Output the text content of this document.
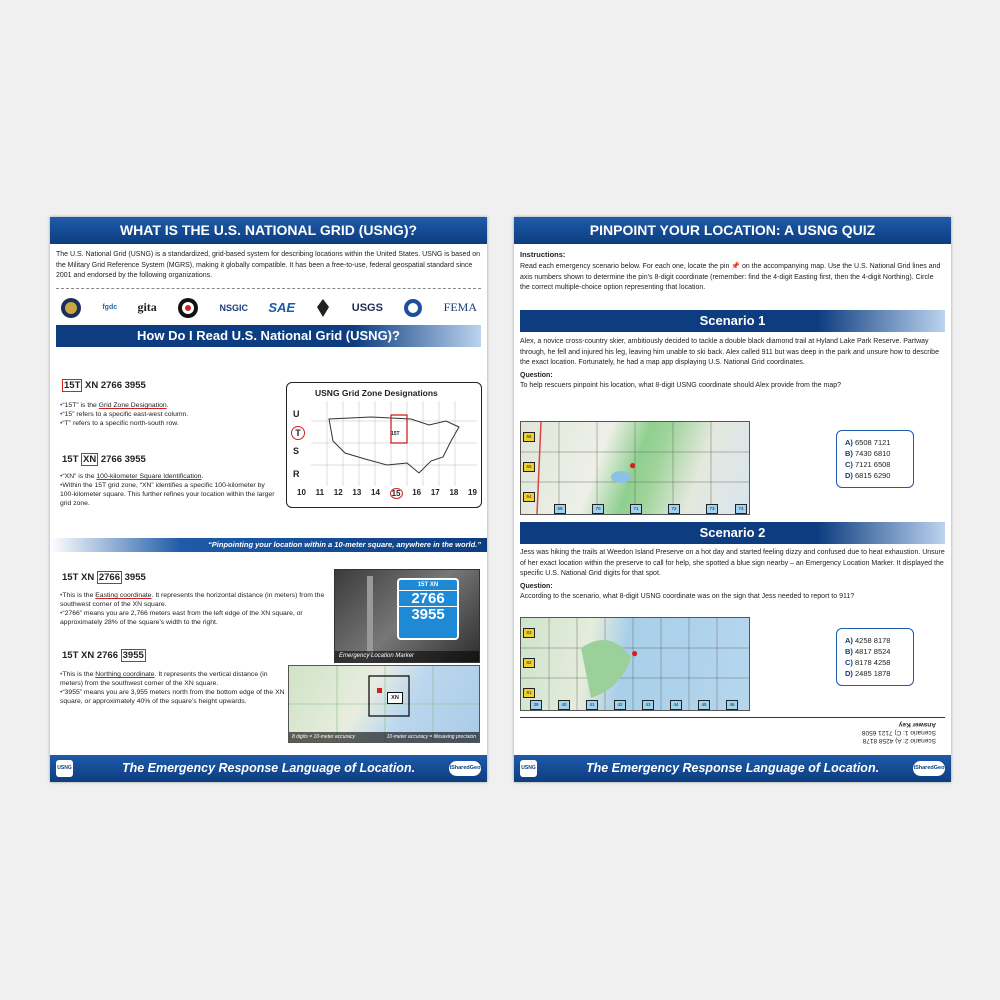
WHAT IS THE U.S. NATIONAL GRID (USNG)?

The U.S. National Grid (USNG) is a standardized, grid-based system for describing locations within the United States. USNG is based on the Military Grid Reference System (MGRS), making it globally compatible. It has been a free-to-use, federal geospatial standard since 2001 and endorsed by the following organizations.

fgdc gita	NSGIC SAE	USGS	FEMA
How Do I Read U.S. National Grid (USNG)?
15T XN 2766 3955
• “15T” is the Grid Zone Designation.
• “15” refers to a specific east-west column.
• “T” refers to a specific north-south row.
USNG Grid Zone Designations
15T
U
T
S
R
10 11 12 13 14 15 16 17 18 19
15T XN 2766 3955
• “XN” is the 100-kilometer Square Identification.
• Within the 15T grid zone, “XN” identifies a specific 100-kilometer by 100-kilometer square. This further refines your location within the larger grid zone.
“Pinpointing your location within a 10-meter square, anywhere in the world.”
15T XN 2766 3955
• This is the Easting coordinate. It represents the horizontal distance (in meters) from the southwest corner of the XN square.
• “2766” means you are 2,766 meters east from the left edge of the XN square, or approximately 28% of the square’s width to the right.
15T XN
2766
3955
Emergency Location Marker
15T XN 2766 3955
• This is the Northing coordinate. It represents the vertical distance (in meters) from the southwest corner of the XN square.
• “3955” means you are 3,955 meters north from the bottom edge of the XN square, or approximately 40% of the square’s height upwards.	XN
8 digits = 10-meter accuracy	10-meter accuracy = lifesaving precision
USNG	The Emergency Response Language of Location.	iSharedGeo
PINPOINT YOUR LOCATION: A USNG QUIZ
Instructions:

Read each emergency scenario below. For each one, locate the pin 📌 on the accompanying map. Use the U.S. National Grid lines and axis numbers shown to determine the pin’s 8-digit coordinate (remember: find the 4-digit Easting first, then the 4-digit Northing). Circle the correct multiple-choice option representing that location.

Scenario 1

Alex, a novice cross-country skier, ambitiously decided to tackle a double black diamond trail at Hyland Lake Park Reserve. Partway through, he fell and injured his leg, leaving him unable to ski back. Alex called 911 but was deep in the park and unsure how to describe the exact location. Fortunately, he had a map app displaying U.S. National Grid coordinates.

Question:

To help rescuers pinpoint his location, what 8-digit USNG coordinate should Alex provide from the map?

●
66
65
64
69	70	71	72	73	74
A) 6508 7121
B) 7430 6810
C) 7121 6508
D) 6815 6290
Scenario 2

Jess was hiking the trails at Weedon Island Preserve on a hot day and started feeling dizzy and confused due to heat exhaustion. Unsure of her exact location within the preserve to call for help, she spotted a blue sign nearby – an Emergency Location Marker. It displayed the specific U.S. National Grid digits for that spot.

Question:

According to the scenario, what 8-digit USNG coordinate was on the sign that Jess needed to report to 911?

●
83
82
81
39	40	41	42	43	44	45	46
A) 4258 8178
B) 4817 8524
C) 8178 4258
D) 2485 1878
Scenario 2: A) 4258 8178
Scenario 1: C) 7121 6508
Answer Key
USNG	The Emergency Response Language of Location.	iSharedGeo
